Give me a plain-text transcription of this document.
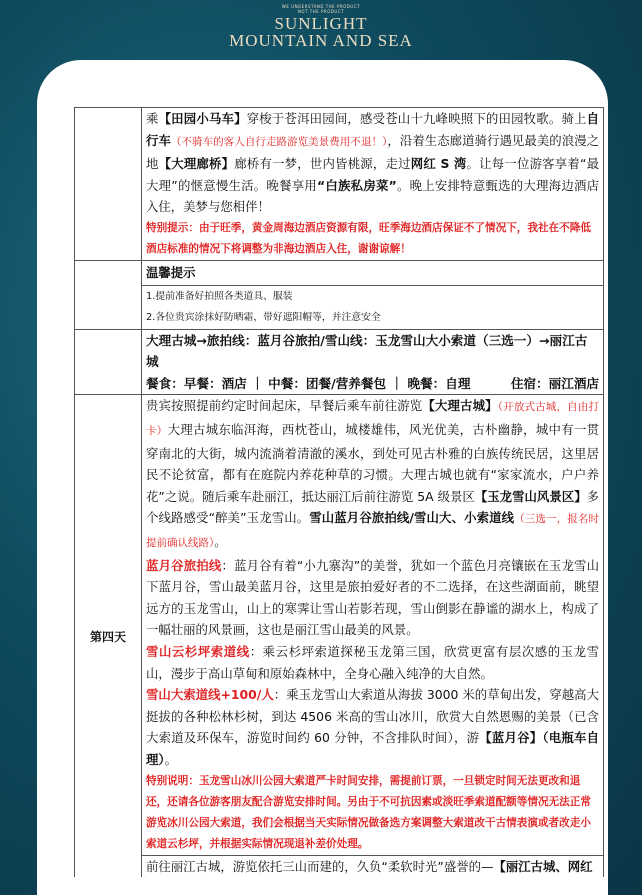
WE UNDERSTAND THE PRODUCT
NOT THE PRODUCT
SUNLIGHT
MOUNTAIN AND SEA

乘【田园小马车】穿梭于苍洱田园间，感受苍山十九峰映照下的田园牧歌。骑上自行车（不骑车的客人自行走路游览美景费用不退！），沿着生态廊道骑行遇见最美的浪漫之地【大理廊桥】廊桥有一梦，世内皆桃源，走过网红 S 湾。让每一位游客享着“最大理”的惬意慢生活。晚餐享用“白族私房菜”。晚上安排特意甄选的大理海边酒店入住，美梦与您相伴！

特别提示：由于旺季，黄金周海边酒店资源有限，旺季海边酒店保证不了情况下，我社在不降低酒店标准的情况下将调整为非海边酒店入住，谢谢谅解！

温馨提示

1.提前准备好拍照各类道具、服装

2.各位贵宾涂抹好防晒霜，带好遮阳帽等，并注意安全

大理古城→旅拍线：蓝月谷旅拍/雪山线：玉龙雪山大小索道（三选一）→丽江古城

餐食：早餐：酒店 ｜ 中餐：团餐/营养餐包 ｜ 晚餐：自理	住宿：丽江酒店

第四天

贵宾按照提前约定时间起床，早餐后乘车前往游览【大理古城】（开放式古城，自由打卡）大理古城东临洱海，西枕苍山，城楼雄伟，风光优美，古朴幽静，城中有一贯穿南北的大街，城内流淌着清澈的溪水，到处可见古朴雅的白族传统民居，这里居民不论贫富，都有在庭院内养花种草的习惯。大理古城也就有“家家流水，户户养花”之说。随后乘车赴丽江，抵达丽江后前往游览 5A 级景区【玉龙雪山风景区】多个线路感受“醉美”玉龙雪山。雪山蓝月谷旅拍线/雪山大、小索道线（三选一，报名时提前确认线路）。

蓝月谷旅拍线：蓝月谷有着“小九寨沟”的美誉，犹如一个蓝色月亮镶嵌在玉龙雪山下蓝月谷，雪山最美蓝月谷，这里是旅拍爱好者的不二选择，在这些湖面前，眺望远方的玉龙雪山，山上的寒霁让雪山若影若现，雪山倒影在静谧的湖水上，构成了一幅壮丽的风景画，这也是丽江雪山最美的风景。

雪山云杉坪索道线：乘云杉坪索道探秘玉龙第三国，欣赏更富有层次感的玉龙雪山，漫步于高山草甸和原始森林中，全身心融入纯净的大自然。

雪山大索道线+100/人：乘玉龙雪山大索道从海拔 3000 米的草甸出发，穿越高大挺拔的各种松林杉树，到达 4506 米高的雪山冰川，欣赏大自然恩赐的美景（已含大索道及环保车，游览时间约 60 分钟，不含排队时间），游【蓝月谷】（电瓶车自理）。

特别说明：玉龙雪山冰川公园大索道严卡时间安排，需提前订票，一旦锁定时间无法更改和退还，还请各位游客朋友配合游览安排时间。另由于不可抗因素或淡旺季索道配额等情况无法正常游览冰川公园大索道，我们会根据当天实际情况做备选方案调整大索道改干古情表演或者改走小索道云杉坪，并根据实际情况现退补差价处理。

前往丽江古城，游览依托三山而建的，久负“柔软时光”盛誉的—【丽江古城、网红
